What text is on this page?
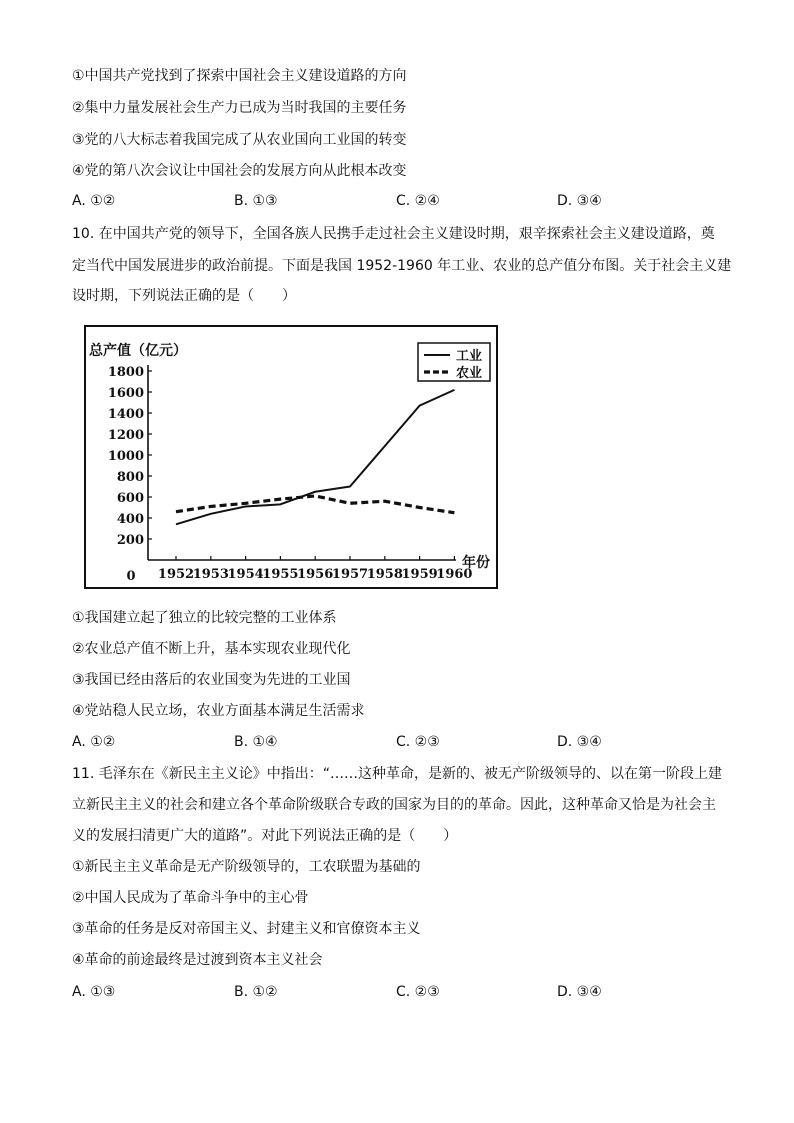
①中国共产党找到了探索中国社会主义建设道路的方向
②集中力量发展社会生产力已成为当时我国的主要任务
③党的八大标志着我国完成了从农业国向工业国的转变
④党的第八次会议让中国社会的发展方向从此根本改变
A. ①②	B. ①③	C. ②④	D. ③④
10. 在中国共产党的领导下，全国各族人民携手走过社会主义建设时期，艰辛探索社会主义建设道路，奠
定当代中国发展进步的政治前提。下面是我国 1952-1960 年工业、农业的总产值分布图。关于社会主义建
设时期，下列说法正确的是（　　）
总产值（亿元）
年份
0
200
400
600
800
1000
1200
1400
1600
1800
1952
1953
1954
1955
1956
1957
1958
1959
1960
工业
农业
①我国建立起了独立的比较完整的工业体系
②农业总产值不断上升，基本实现农业现代化
③我国已经由落后的农业国变为先进的工业国
④党站稳人民立场，农业方面基本满足生活需求
A. ①②	B. ①④	C. ②③	D. ③④
11. 毛泽东在《新民主主义论》中指出：“……这种革命，是新的、被无产阶级领导的、以在第一阶段上建
立新民主主义的社会和建立各个革命阶级联合专政的国家为目的的革命。因此，这种革命又恰是为社会主
义的发展扫清更广大的道路”。对此下列说法正确的是（　　）
①新民主主义革命是无产阶级领导的，工农联盟为基础的
②中国人民成为了革命斗争中的主心骨
③革命的任务是反对帝国主义、封建主义和官僚资本主义
④革命的前途最终是过渡到资本主义社会
A. ①③	B. ①②	C. ②③	D. ③④
